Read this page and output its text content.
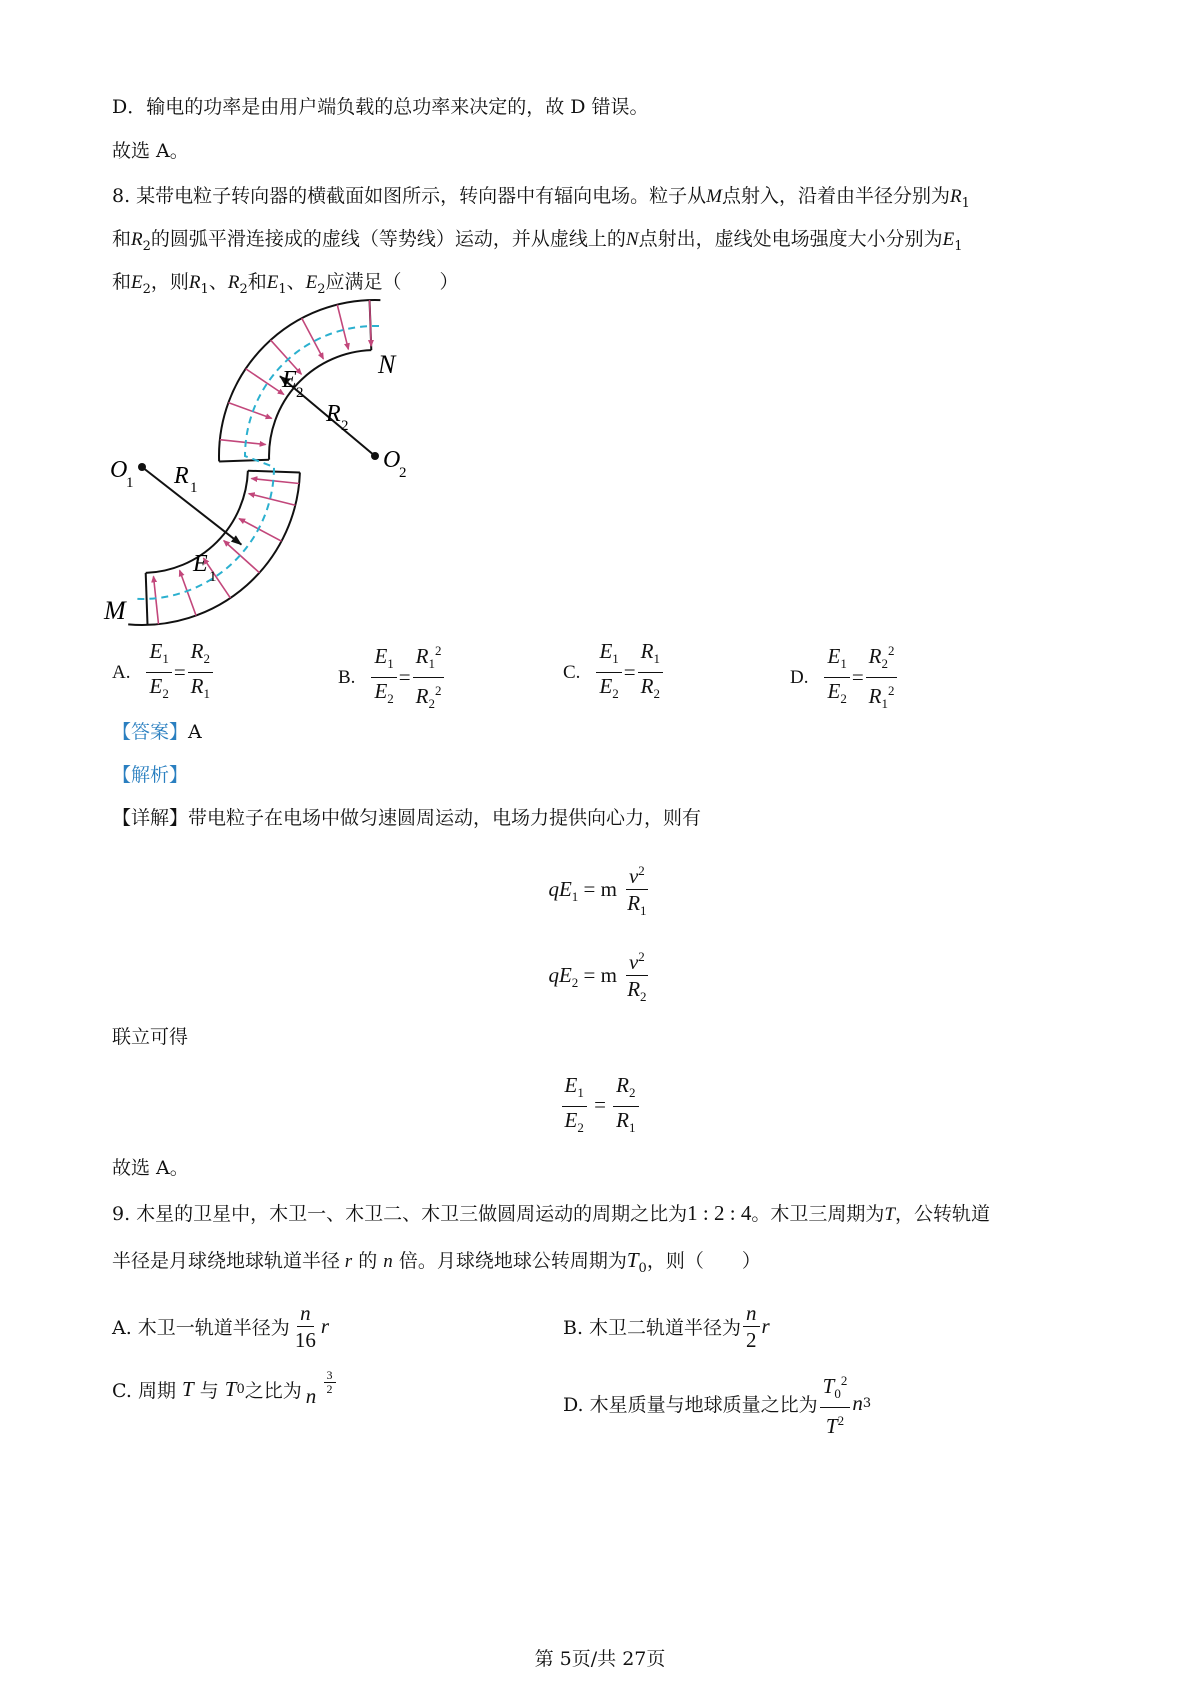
D．输电的功率是由用户端负载的总功率来决定的，故 D 错误。
故选 A。
8. 某带电粒子转向器的横截面如图所示，转向器中有辐向电场。粒子从M点射入，沿着由半径分别为$R_1$
和$R_2$的圆弧平滑连接成的虚线（等势线）运动，并从虚线上的N点射出，虚线处电场强度大小分别为$E_1$
和$E_2$，则$R_1$、$R_2$和$E_1$、$E_2$应满足（　　）
N
M
E 2
E 1
R 2
R 1
O
1
O
2
A. $\frac{E_1}{E_2} = \frac{R_2}{R_1}$	B. $\frac{E_1}{E_2} = \frac{R_1^2}{R_2^2}$	C. $\frac{E_1}{E_2} = \frac{R_1}{R_2}$	D. $\frac{E_1}{E_2} = \frac{R_2^2}{R_1^2}$
【答案】A
【解析】
【详解】带电粒子在电场中做匀速圆周运动，电场力提供向心力，则有
$qE_1 = m \frac{v^2}{R_1}$
$qE_2 = m \frac{v^2}{R_2}$
联立可得
$\frac{E_1}{E_2} = \frac{R_2}{R_1}$
故选 A。
9. 木星的卫星中，木卫一、木卫二、木卫三做圆周运动的周期之比为1 : 2 : 4。木卫三周期为T，公转轨道
半径是月球绕地球轨道半径 r 的 n 倍。月球绕地球公转周期为$T_0$，则（　　）
A. 木卫一轨道半径为 $\frac{n}{16}$ r	B. 木卫二轨道半径为 $\frac{n}{2}$ r
C. 周期
T
与
T 0 之比为 n
$\frac{3}{2}$
D. 木星质量与地球质量之比为 $\frac{T_0^2}{T^2}$ n 3
第 5页/共 27页
